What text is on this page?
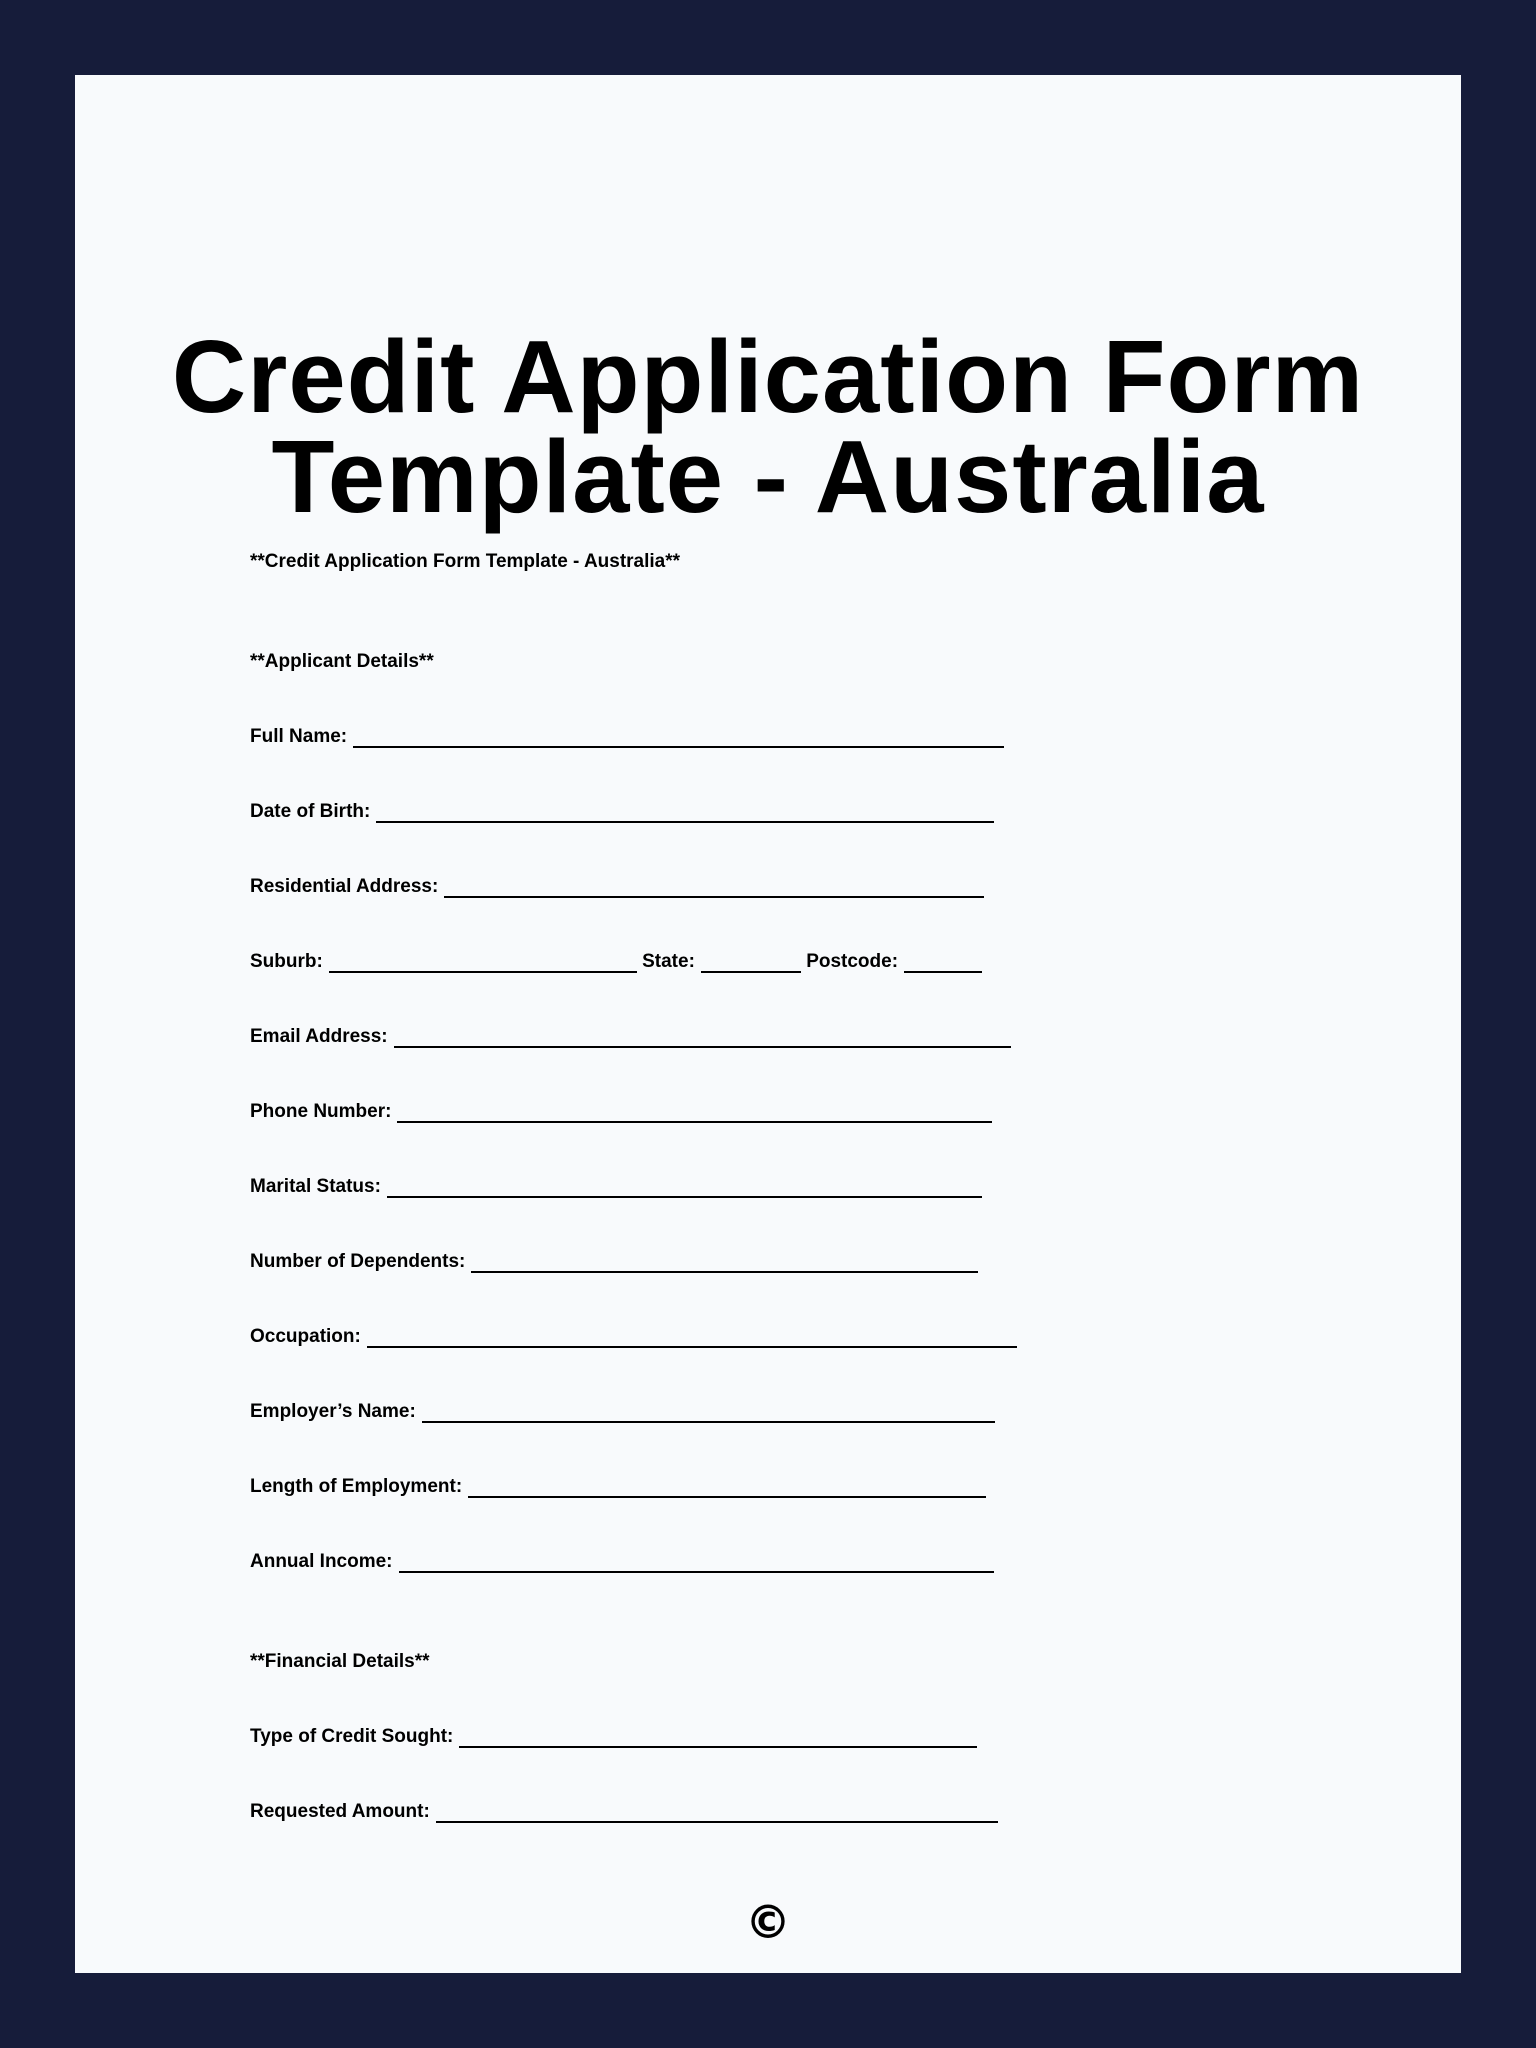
Credit Application Form
Template - Australia
**Credit Application Form Template - Australia**
**Applicant Details**
Full Name:
Date of Birth:
Residential Address:
Suburb:	State:	Postcode:
Email Address:
Phone Number:
Marital Status:
Number of Dependents:
Occupation:
Employer’s Name:
Length of Employment:
Annual Income:
**Financial Details**
Type of Credit Sought:
Requested Amount:
©
